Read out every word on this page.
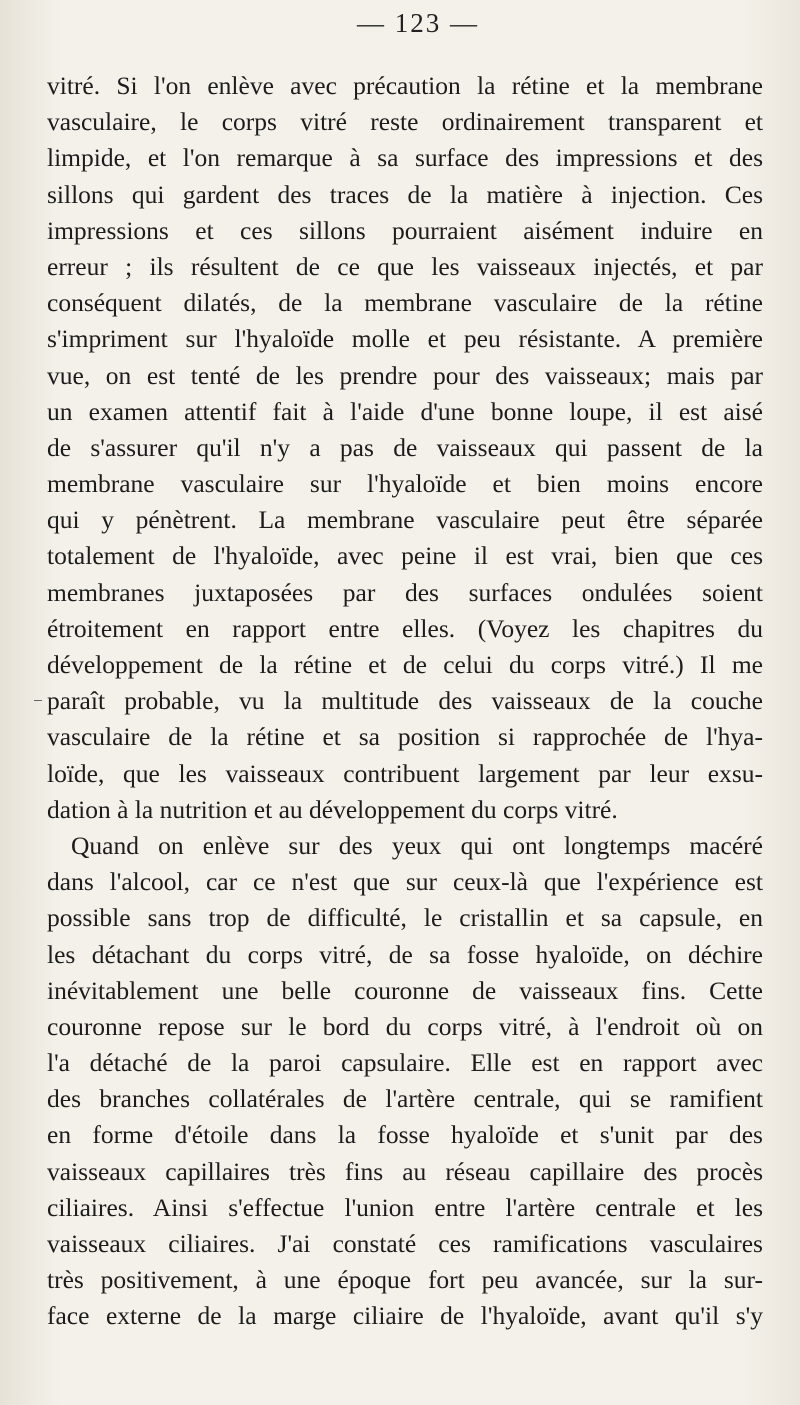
— 123 —
vitré. Si l'on enlève avec précaution la rétine et la membrane
vasculaire, le corps vitré reste ordinairement transparent et
limpide, et l'on remarque à sa surface des impressions et des
sillons qui gardent des traces de la matière à injection. Ces
impressions et ces sillons pourraient aisément induire en
erreur ; ils résultent de ce que les vaisseaux injectés, et par
conséquent dilatés, de la membrane vasculaire de la rétine
s'impriment sur l'hyaloïde molle et peu résistante. A première
vue, on est tenté de les prendre pour des vaisseaux; mais par
un examen attentif fait à l'aide d'une bonne loupe, il est aisé
de s'assurer qu'il n'y a pas de vaisseaux qui passent de la
membrane vasculaire sur l'hyaloïde et bien moins encore
qui y pénètrent. La membrane vasculaire peut être séparée
totalement de l'hyaloïde, avec peine il est vrai, bien que ces
membranes juxtaposées par des surfaces ondulées soient
étroitement en rapport entre elles. (Voyez les chapitres du
développement de la rétine et de celui du corps vitré.) Il me
paraît probable, vu la multitude des vaisseaux de la couche
vasculaire de la rétine et sa position si rapprochée de l'hya-
loïde, que les vaisseaux contribuent largement par leur exsu-
dation à la nutrition et au développement du corps vitré.
Quand on enlève sur des yeux qui ont longtemps macéré
dans l'alcool, car ce n'est que sur ceux-là que l'expérience est
possible sans trop de difficulté, le cristallin et sa capsule, en
les détachant du corps vitré, de sa fosse hyaloïde, on déchire
inévitablement une belle couronne de vaisseaux fins. Cette
couronne repose sur le bord du corps vitré, à l'endroit où on
l'a détaché de la paroi capsulaire. Elle est en rapport avec
des branches collatérales de l'artère centrale, qui se ramifient
en forme d'étoile dans la fosse hyaloïde et s'unit par des
vaisseaux capillaires très fins au réseau capillaire des procès
ciliaires. Ainsi s'effectue l'union entre l'artère centrale et les
vaisseaux ciliaires. J'ai constaté ces ramifications vasculaires
très positivement, à une époque fort peu avancée, sur la sur-
face externe de la marge ciliaire de l'hyaloïde, avant qu'il s'y
